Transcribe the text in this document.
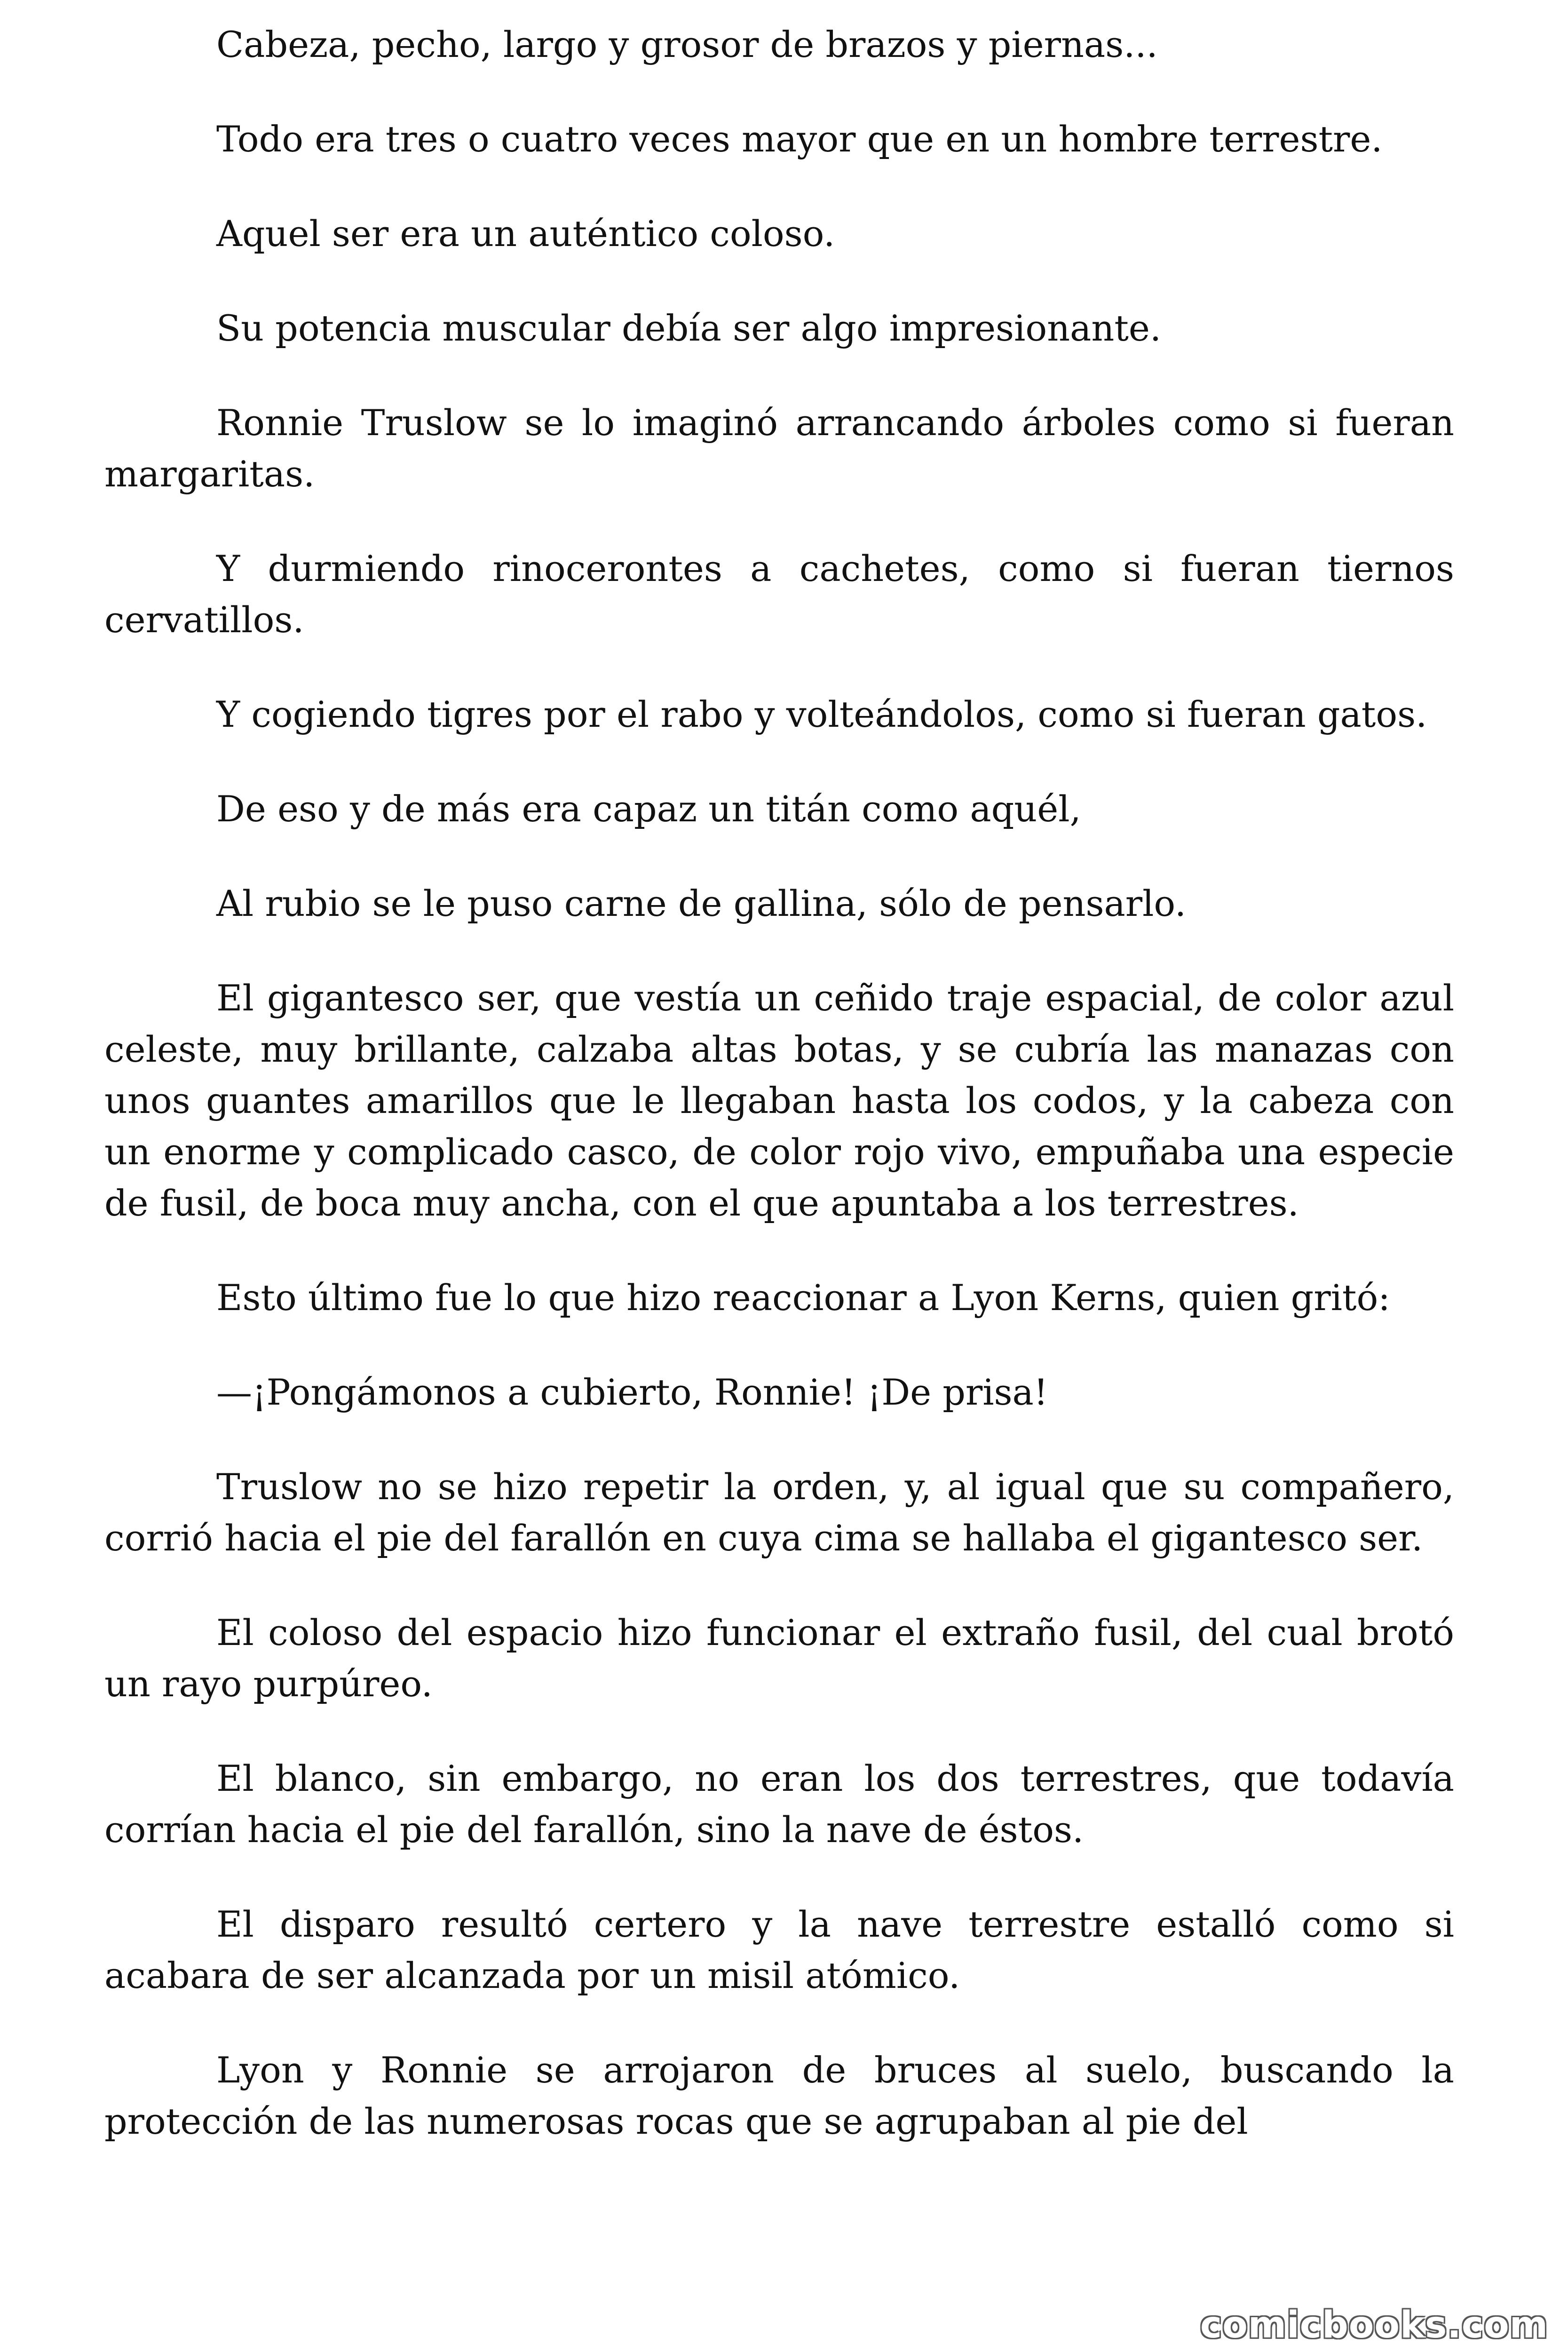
Cabeza, pecho, largo y grosor de brazos y piernas...

Todo era tres o cuatro veces mayor que en un hombre terrestre.

Aquel ser era un auténtico coloso.

Su potencia muscular debía ser algo impresionante.

Ronnie Truslow se lo imaginó arrancando árboles como si fueran margaritas.

Y durmiendo rinocerontes a cachetes, como si fueran tiernos cervatillos.

Y cogiendo tigres por el rabo y volteándolos, como si fueran gatos.

De eso y de más era capaz un titán como aquél,

Al rubio se le puso carne de gallina, sólo de pensarlo.

El gigantesco ser, que vestía un ceñido traje espacial, de color azul celeste, muy brillante, calzaba altas botas, y se cubría las manazas con unos guantes amarillos que le llegaban hasta los codos, y la cabeza con un enorme y complicado casco, de color rojo vivo, empuñaba una especie de fusil, de boca muy ancha, con el que apuntaba a los terrestres.

Esto último fue lo que hizo reaccionar a Lyon Kerns, quien gritó:

—¡Pongámonos a cubierto, Ronnie! ¡De prisa!

Truslow no se hizo repetir la orden, y, al igual que su compañero, corrió hacia el pie del farallón en cuya cima se hallaba el gigantesco ser.

El coloso del espacio hizo funcionar el extraño fusil, del cual brotó un rayo purpúreo.

El blanco, sin embargo, no eran los dos terrestres, que todavía corrían hacia el pie del farallón, sino la nave de éstos.

El disparo resultó certero y la nave terrestre estalló como si acabara de ser alcanzada por un misil atómico.

Lyon y Ronnie se arrojaron de bruces al suelo, buscando la protección de las numerosas rocas que se agrupaban al pie del

comicbooks.com
